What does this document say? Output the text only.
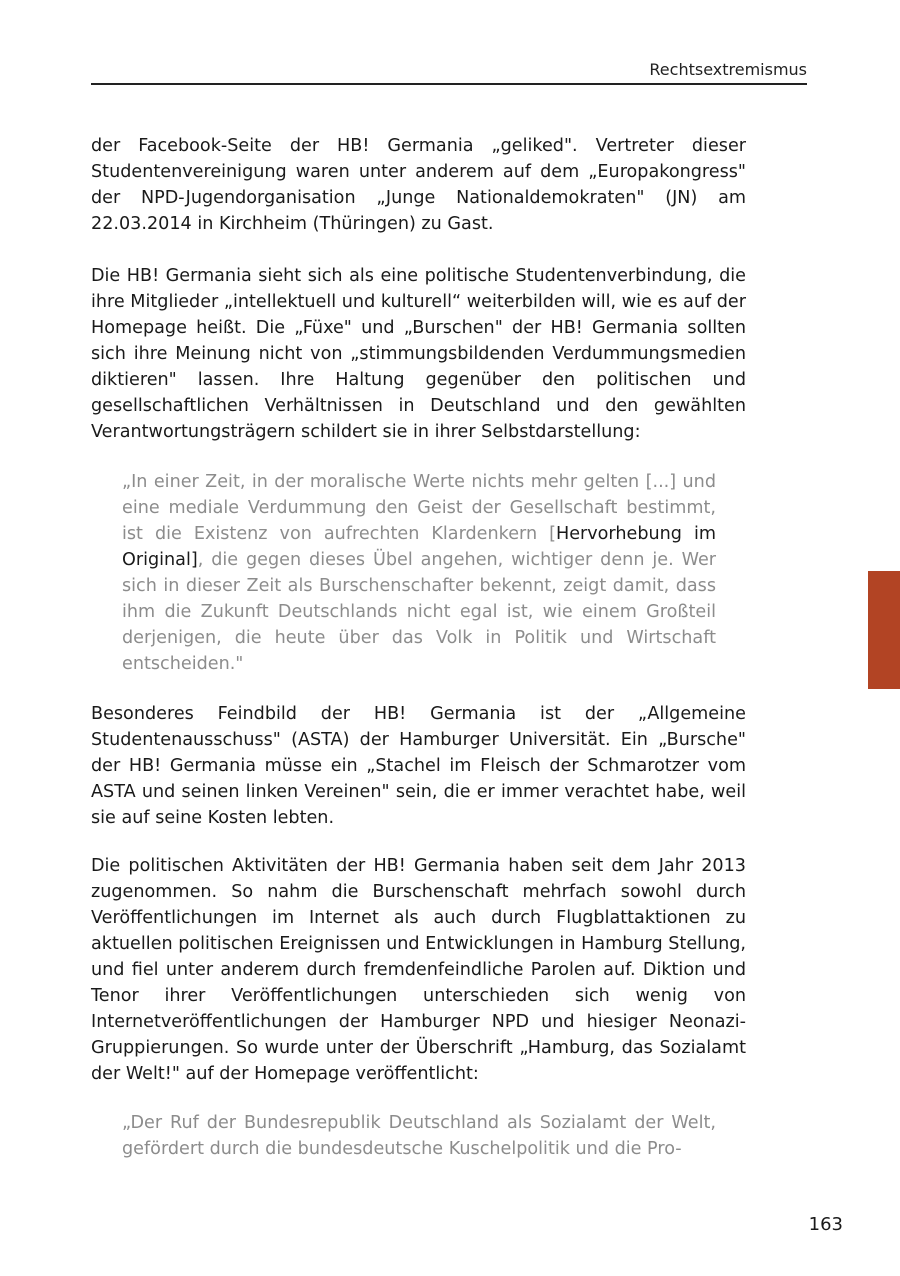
Rechtsextremismus

der Facebook-Seite der HB! Germania „geliked". Vertreter dieser Studentenvereinigung waren unter anderem auf dem „Europakongress" der NPD-Jugendorganisation „Junge Nationaldemokraten" (JN) am 22.03.2014 in Kirchheim (Thüringen) zu Gast.

Die HB! Germania sieht sich als eine politische Studentenverbindung, die ihre Mitglieder „intellektuell und kulturell“ weiterbilden will, wie es auf der Homepage heißt. Die „Füxe" und „Burschen" der HB! Germania sollten sich ihre Meinung nicht von „stimmungsbildenden Verdummungsmedien diktieren" lassen. Ihre Haltung gegenüber den politischen und gesellschaftlichen Verhältnissen in Deutschland und den gewählten Verantwortungsträgern schildert sie in ihrer Selbstdarstellung:

„In einer Zeit, in der moralische Werte nichts mehr gelten [...] und eine mediale Verdummung den Geist der Gesellschaft bestimmt, ist die Existenz von aufrechten Klardenkern [Hervorhebung im Original], die gegen dieses Übel angehen, wichtiger denn je. Wer sich in dieser Zeit als Burschenschafter bekennt, zeigt damit, dass ihm die Zukunft Deutschlands nicht egal ist, wie einem Großteil derjenigen, die heute über das Volk in Politik und Wirtschaft entscheiden."

Besonderes Feindbild der HB! Germania ist der „Allgemeine Studentenausschuss" (ASTA) der Hamburger Universität. Ein „Bursche" der HB! Germania müsse ein „Stachel im Fleisch der Schmarotzer vom ASTA und seinen linken Vereinen" sein, die er immer verachtet habe, weil sie auf seine Kosten lebten.

Die politischen Aktivitäten der HB! Germania haben seit dem Jahr 2013 zugenommen. So nahm die Burschenschaft mehrfach sowohl durch Veröffentlichungen im Internet als auch durch Flugblattaktionen zu aktuellen politischen Ereignissen und Entwicklungen in Hamburg Stellung, und fiel unter anderem durch fremdenfeindliche Parolen auf. Diktion und Tenor ihrer Veröffentlichungen unterschieden sich wenig von Internetveröffentlichungen der Hamburger NPD und hiesiger Neonazi-Gruppierungen. So wurde unter der Überschrift „Hamburg, das Sozialamt der Welt!" auf der Homepage veröffentlicht:

„Der Ruf der Bundesrepublik Deutschland als Sozialamt der Welt, gefördert durch die bundesdeutsche Kuschelpolitik und die Pro-

163
